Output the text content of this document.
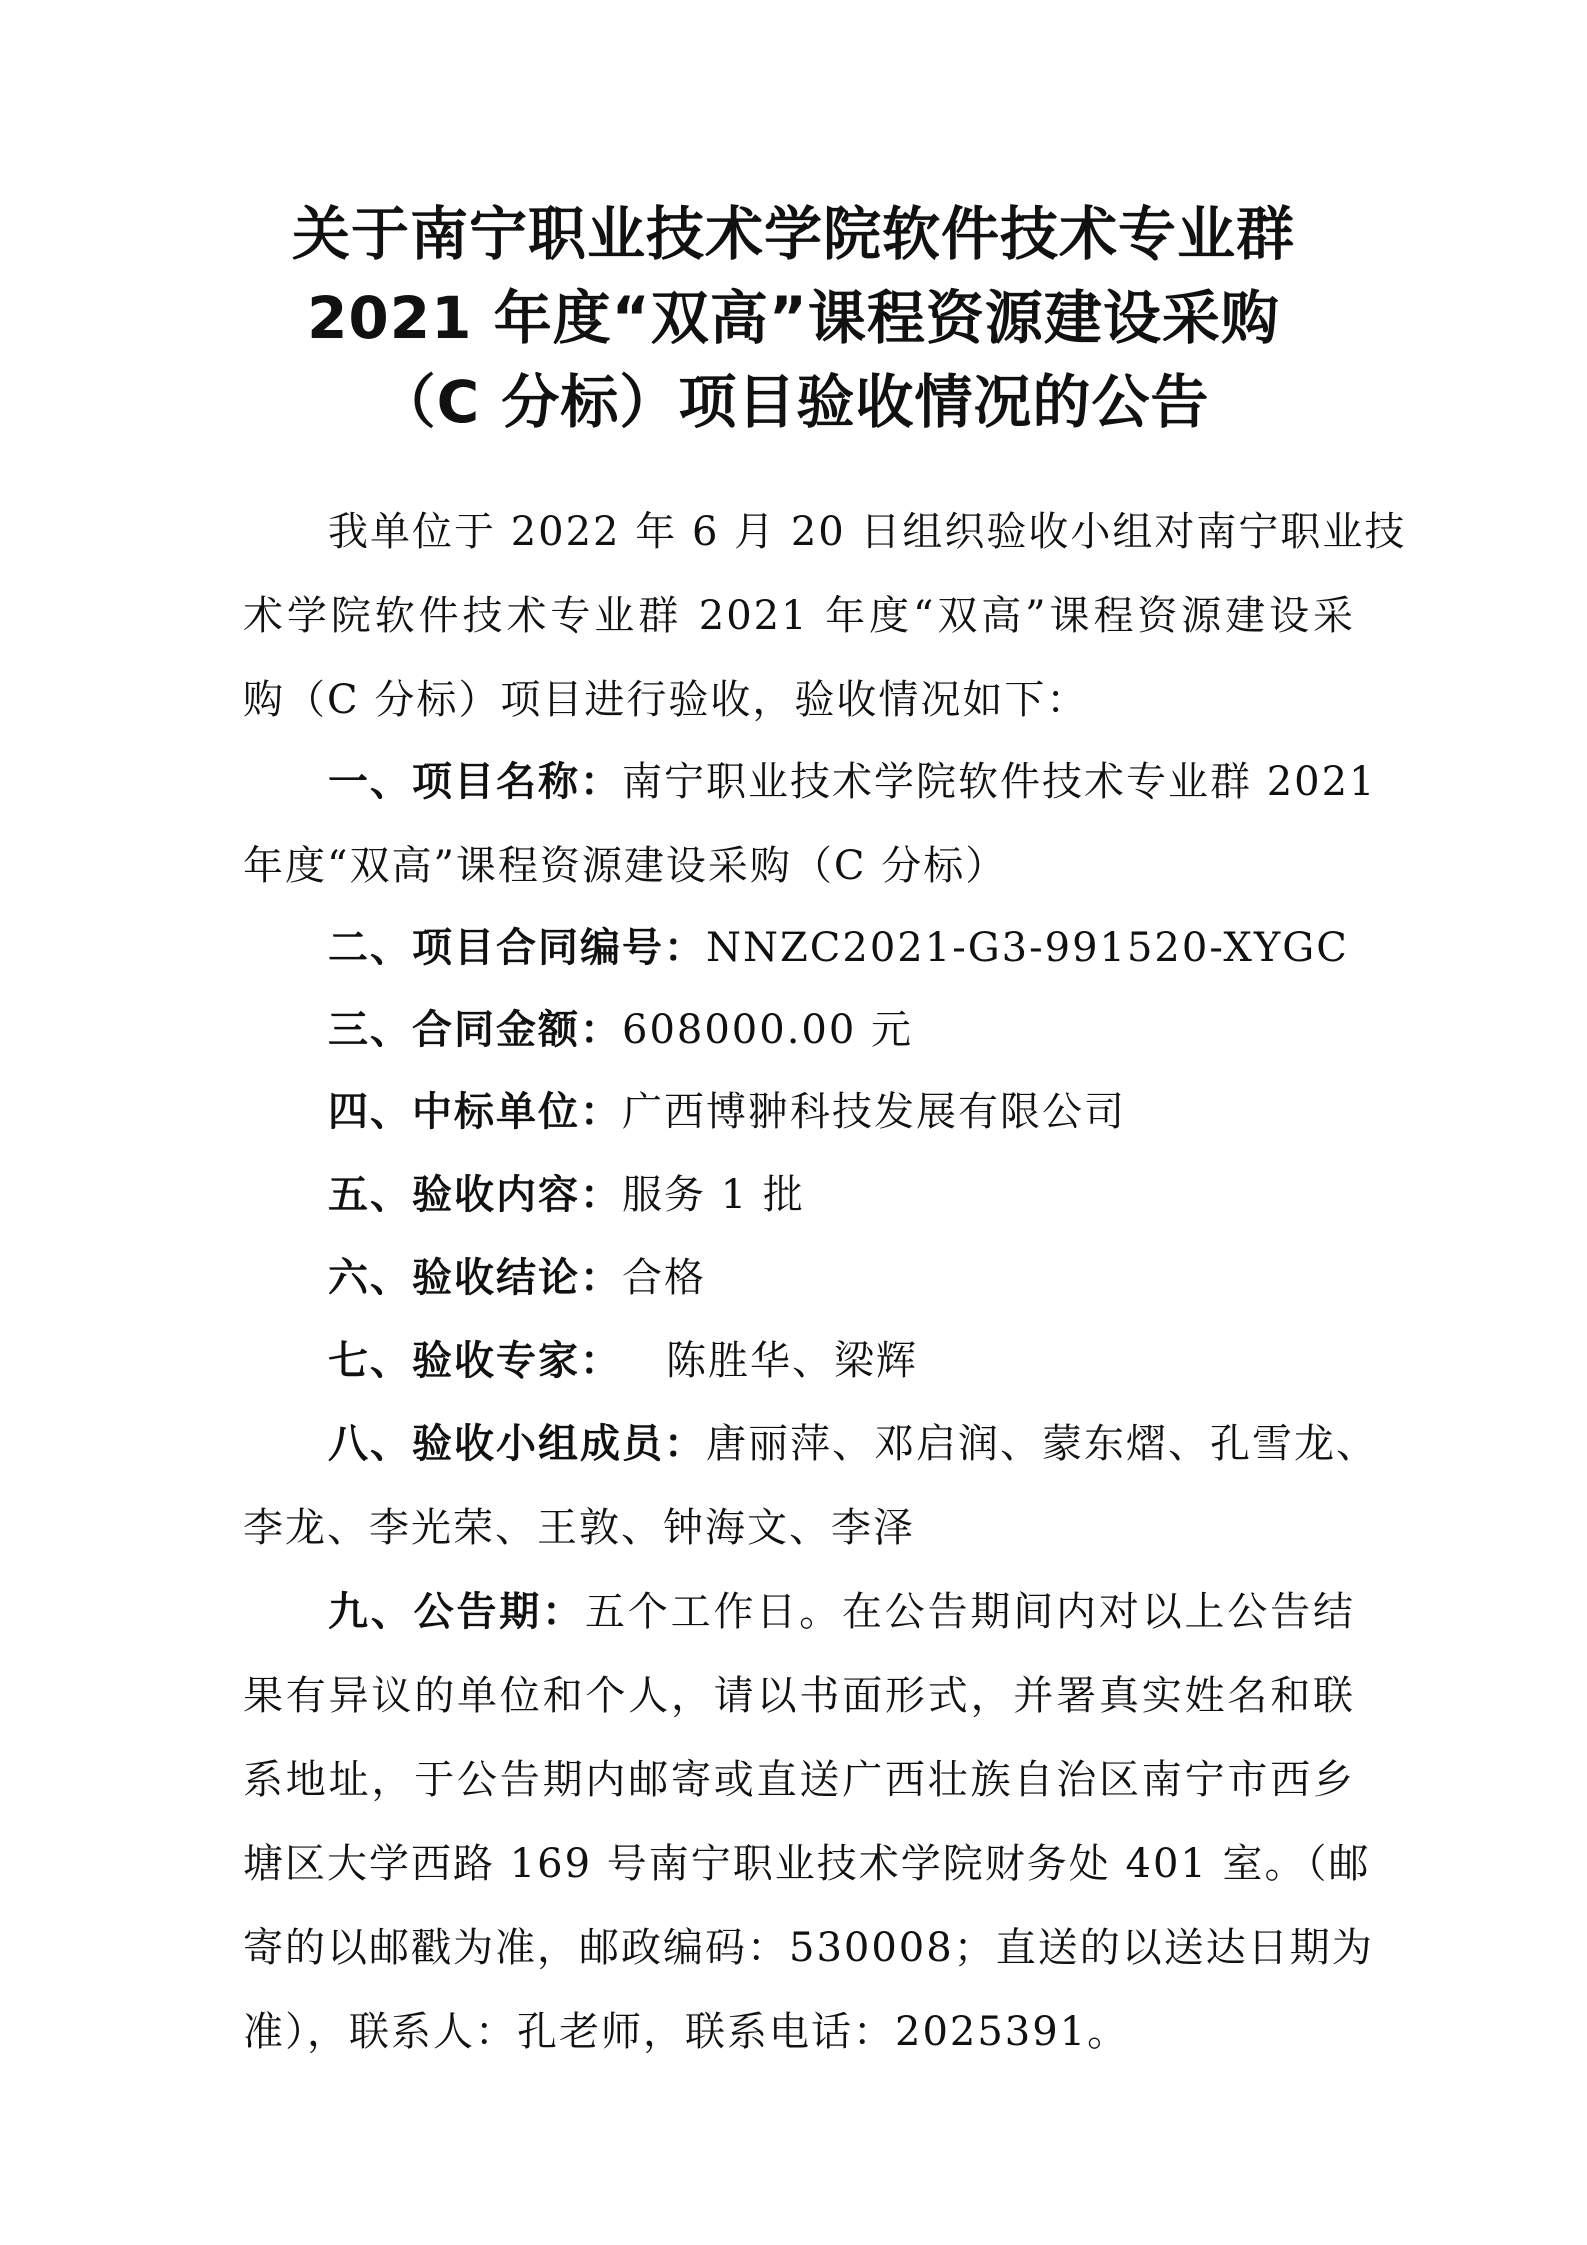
关于南宁职业技术学院软件技术专业群
2021 年度“双高”课程资源建设采购
（C 分标）项目验收情况的公告
我单位于 2022 年 6 月 20 日组织验收小组对南宁职业技
术学院软件技术专业群 2021 年度“双高”课程资源建设采
购（C 分标）项目进行验收，验收情况如下：
一、项目名称：南宁职业技术学院软件技术专业群 2021
年度“双高”课程资源建设采购（C 分标）
二、项目合同编号：NNZC2021-G3-991520-XYGC
三、合同金额：608000.00 元
四、中标单位：广西博翀科技发展有限公司
五、验收内容：服务 1 批
六、验收结论：合格
七、验收专家： 陈胜华、梁辉
八、验收小组成员：唐丽萍、邓启润、蒙东熠、孔雪龙、
李龙、李光荣、王敦、钟海文、李泽
九、公告期：五个工作日。在公告期间内对以上公告结
果有异议的单位和个人，请以书面形式，并署真实姓名和联
系地址，于公告期内邮寄或直送广西壮族自治区南宁市西乡
塘区大学西路 169 号南宁职业技术学院财务处 401 室。（邮
寄的以邮戳为准，邮政编码：530008；直送的以送达日期为
准），联系人：孔老师，联系电话：2025391。
